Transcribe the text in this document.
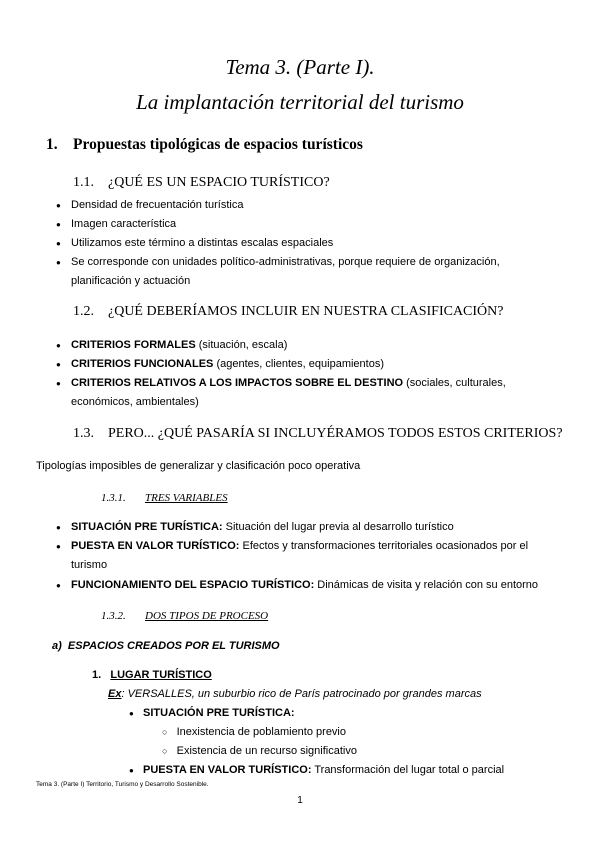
Tema 3. (Parte I).
La implantación territorial del turismo
1. Propuestas tipológicas de espacios turísticos
1.1. ¿QUÉ ES UN ESPACIO TURÍSTICO?
● Densidad de frecuentación turística
● Imagen característica
● Utilizamos este término a distintas escalas espaciales
● Se corresponde con unidades político-administrativas, porque requiere de organización, planificación y actuación
1.2. ¿QUÉ DEBERÍAMOS INCLUIR EN NUESTRA CLASIFICACIÓN?
● CRITERIOS FORMALES (situación, escala)
● CRITERIOS FUNCIONALES (agentes, clientes, equipamientos)
● CRITERIOS RELATIVOS A LOS IMPACTOS SOBRE EL DESTINO (sociales, culturales, económicos, ambientales)
1.3. PERO... ¿QUÉ PASARÍA SI INCLUYÉRAMOS TODOS ESTOS CRITERIOS?
Tipologías imposibles de generalizar y clasificación poco operativa
1.3.1. TRES VARIABLES
● SITUACIÓN PRE TURÍSTICA: Situación del lugar previa al desarrollo turístico
● PUESTA EN VALOR TURÍSTICO: Efectos y transformaciones territoriales ocasionados por el turismo
● FUNCIONAMIENTO DEL ESPACIO TURÍSTICO: Dinámicas de visita y relación con su entorno
1.3.2. DOS TIPOS DE PROCESO
a) ESPACIOS CREADOS POR EL TURISMO
1. LUGAR TURÍSTICO
Ex: VERSALLES, un suburbio rico de París patrocinado por grandes marcas
● SITUACIÓN PRE TURÍSTICA:
○ Inexistencia de poblamiento previo
○ Existencia de un recurso significativo
● PUESTA EN VALOR TURÍSTICO: Transformación del lugar total o parcial
Tema 3. (Parte I) Territorio, Turismo y Desarrollo Sostenible.
1
